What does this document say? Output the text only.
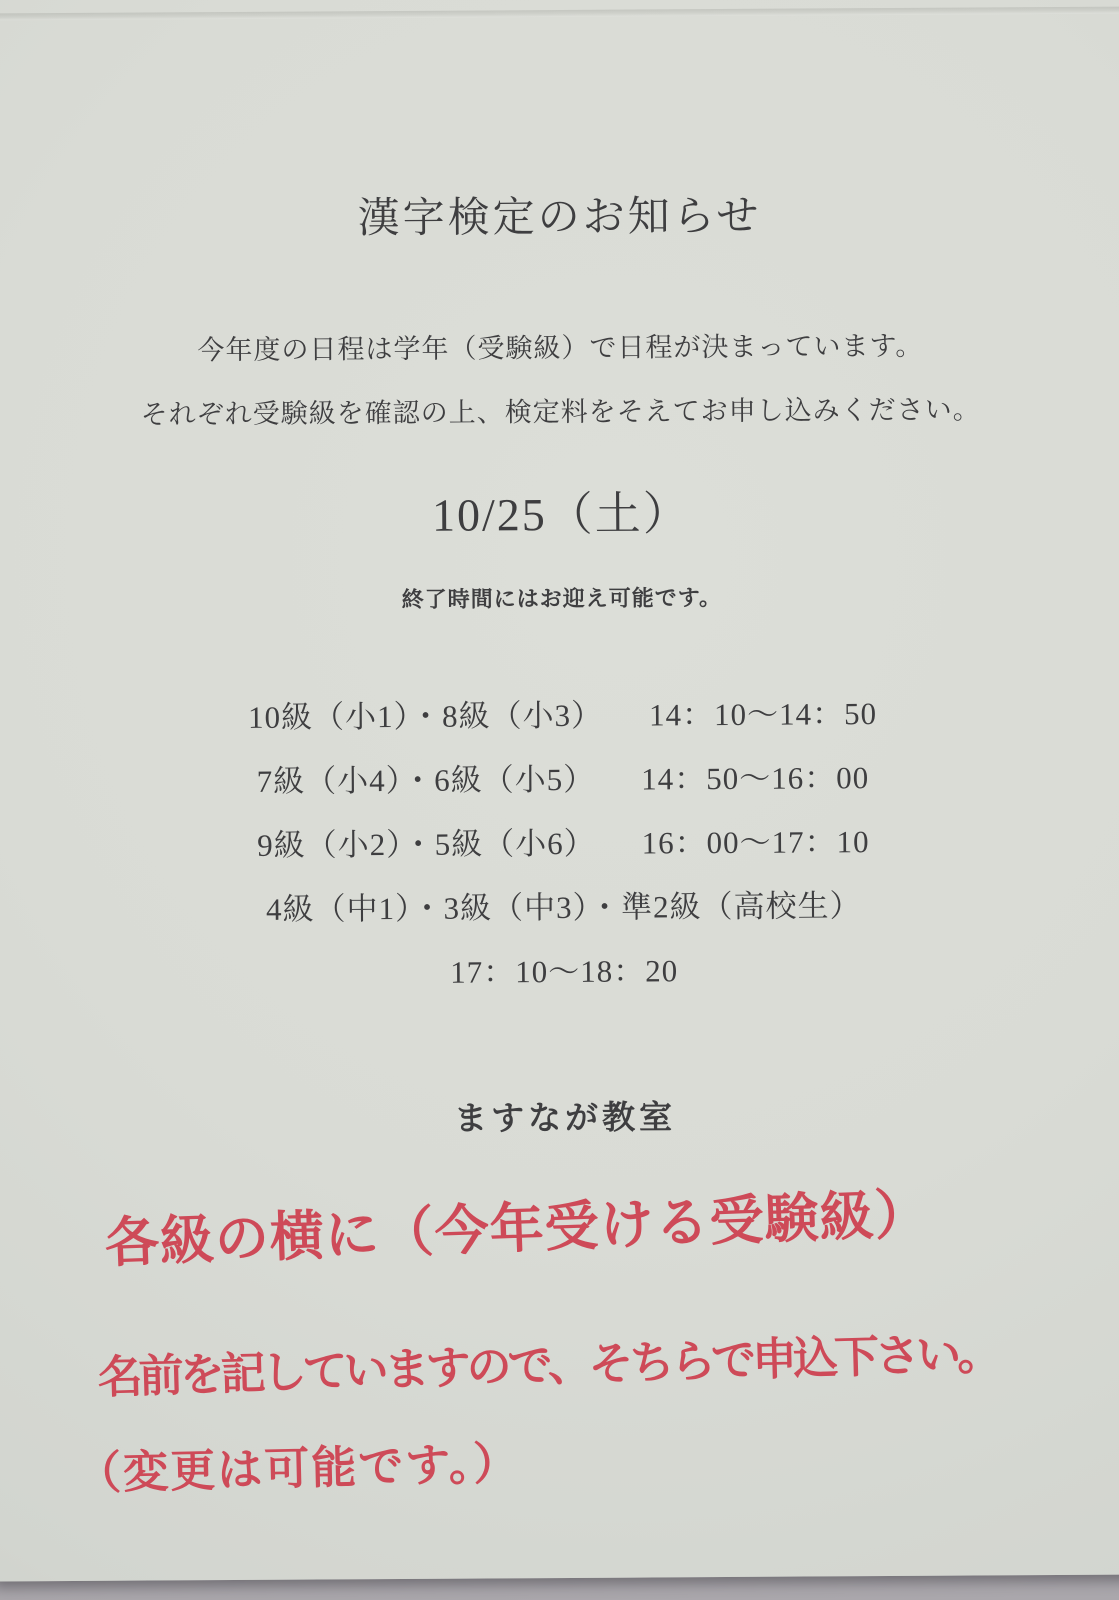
漢字検定のお知らせ
今年度の日程は学年（受験級）で日程が決まっています。
それぞれ受験級を確認の上、検定料をそえてお申し込みください。
10/25（土）
終了時間にはお迎え可能です。
10級（小1）・8級（小3） 14：10〜14：50
7級（小4）・6級（小5） 14：50〜16：00
9級（小2）・5級（小6） 16：00〜17：10
4級（中1）・3級（中3）・準2級（高校生）
17：10〜18：20
ますなが教室
各級の横に（今年受ける受験級）
名前を記していますので、そちらで申込下さい。
（変更は可能です。）
